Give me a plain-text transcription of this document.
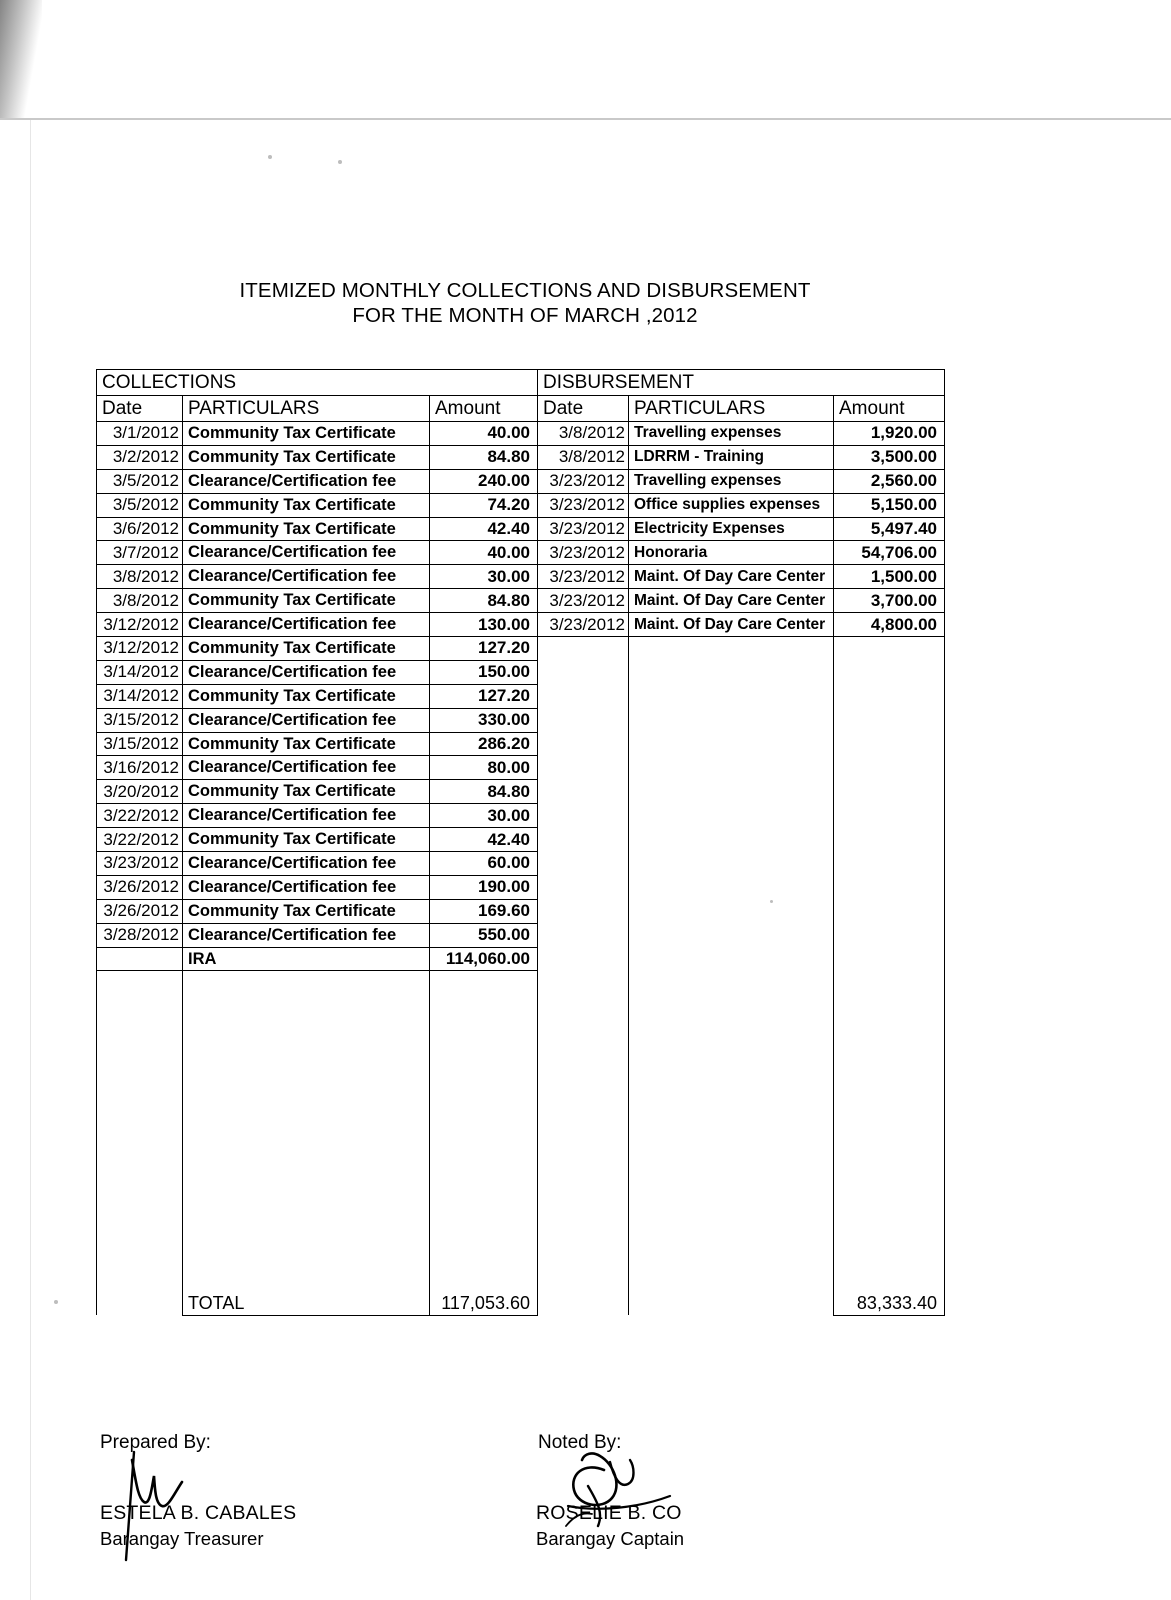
ITEMIZED MONTHLY COLLECTIONS AND DISBURSEMENT
FOR THE MONTH OF MARCH ,2012
COLLECTIONS			DISBURSEMENT		
Date	PARTICULARS	Amount	Date	PARTICULARS	Amount
3/1/2012	Community Tax Certificate	40.00	3/8/2012	Travelling expenses	1,920.00
3/2/2012	Community Tax Certificate	84.80	3/8/2012	LDRRM - Training	3,500.00
3/5/2012	Clearance/Certification fee	240.00	3/23/2012	Travelling expenses	2,560.00
3/5/2012	Community Tax Certificate	74.20	3/23/2012	Office supplies expenses	5,150.00
3/6/2012	Community Tax Certificate	42.40	3/23/2012	Electricity Expenses	5,497.40
3/7/2012	Clearance/Certification fee	40.00	3/23/2012	Honoraria	54,706.00
3/8/2012	Clearance/Certification fee	30.00	3/23/2012	Maint. Of Day Care Center	1,500.00
3/8/2012	Community Tax Certificate	84.80	3/23/2012	Maint. Of Day Care Center	3,700.00
3/12/2012	Clearance/Certification fee	130.00	3/23/2012	Maint. Of Day Care Center	4,800.00
3/12/2012	Community Tax Certificate	127.20			
3/14/2012	Clearance/Certification fee	150.00			
3/14/2012	Community Tax Certificate	127.20			
3/15/2012	Clearance/Certification fee	330.00			
3/15/2012	Community Tax Certificate	286.20			
3/16/2012	Clearance/Certification fee	80.00			
3/20/2012	Community Tax Certificate	84.80			
3/22/2012	Clearance/Certification fee	30.00			
3/22/2012	Community Tax Certificate	42.40			
3/23/2012	Clearance/Certification fee	60.00			
3/26/2012	Clearance/Certification fee	190.00			
3/26/2012	Community Tax Certificate	169.60			
3/28/2012	Clearance/Certification fee	550.00			
	IRA	114,060.00			

	TOTAL	117,053.60			83,333.40
Prepared By:	Noted By:
ESTELA B. CABALES
Barangay Treasurer
ROSELIE B. CO
Barangay Captain
